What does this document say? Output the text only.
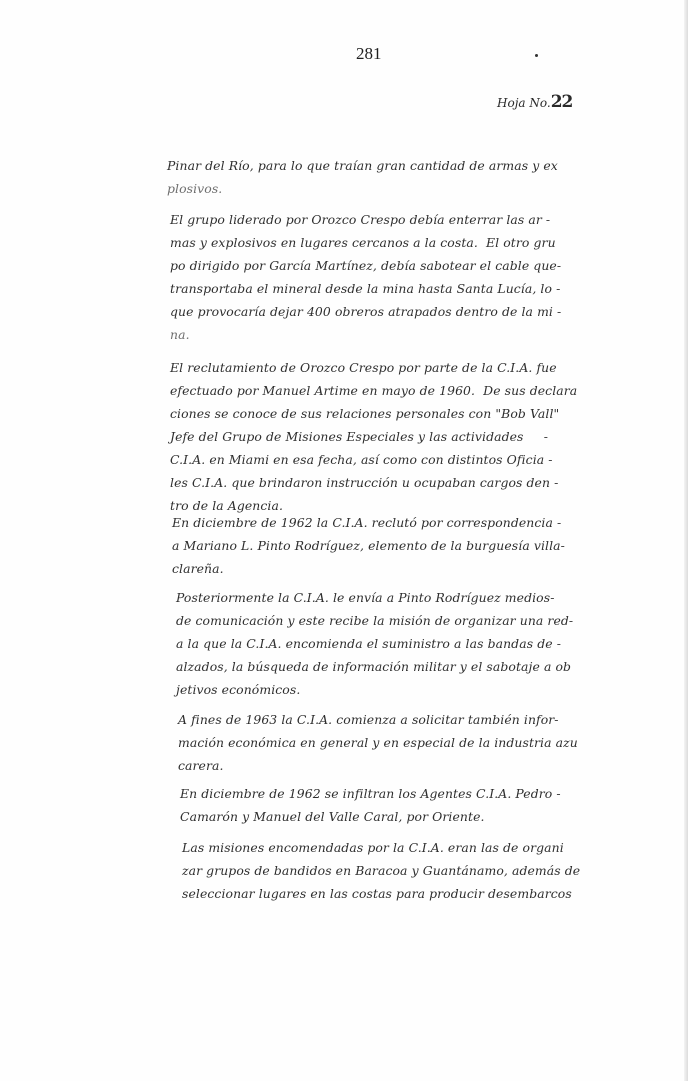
281
Hoja No.22
Pinar del Río, para lo que traían gran cantidad de armas y ex
plosivos.
El grupo liderado por Orozco Crespo debía enterrar las ar -
mas y explosivos en lugares cercanos a la costa.  El otro gru
po dirigido por García Martínez, debía sabotear el cable que-
transportaba el mineral desde la mina hasta Santa Lucía, lo -
que provocaría dejar 400 obreros atrapados dentro de la mi -
na.
El reclutamiento de Orozco Crespo por parte de la C.I.A. fue
efectuado por Manuel Artime en mayo de 1960.  De sus declara
ciones se conoce de sus relaciones personales con "Bob Vall"
Jefe del Grupo de Misiones Especiales y las actividades     -
C.I.A. en Miami en esa fecha, así como con distintos Oficia -
les C.I.A. que brindaron instrucción u ocupaban cargos den -
tro de la Agencia.
En diciembre de 1962 la C.I.A. reclutó por correspondencia -
a Mariano L. Pinto Rodríguez, elemento de la burguesía villa-
clareña.
Posteriormente la C.I.A. le envía a Pinto Rodríguez medios-
de comunicación y este recibe la misión de organizar una red-
a la que la C.I.A. encomienda el suministro a las bandas de -
alzados, la búsqueda de información militar y el sabotaje a ob
jetivos económicos.
A fines de 1963 la C.I.A. comienza a solicitar también infor-
mación económica en general y en especial de la industria azu
carera.
En diciembre de 1962 se infiltran los Agentes C.I.A. Pedro -
Camarón y Manuel del Valle Caral, por Oriente.
Las misiones encomendadas por la C.I.A. eran las de organi
zar grupos de bandidos en Baracoa y Guantánamo, además de
seleccionar lugares en las costas para producir desembarcos
